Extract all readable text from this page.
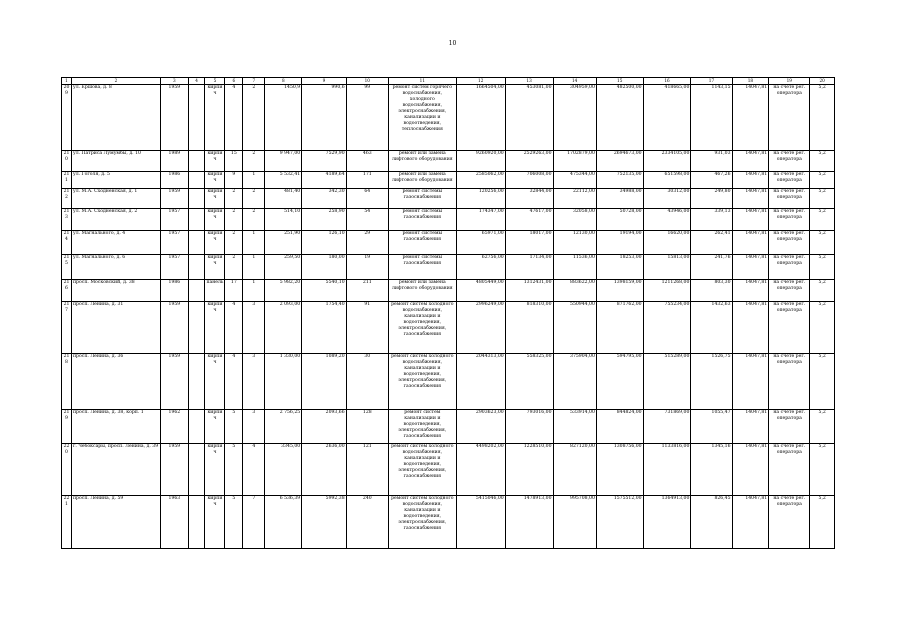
10
1	2	3	4	5	6	7	8	9	10	11	12	13	14	15	16	17	18	19	20
209	ул. Ершова, д. 8	1959		кирпич	4	2	1450,9	990,6	99	ремонт систем горячего водоснабжения, холодного водоснабжения, электроснабжения, канализации и водоотведения, теплоснабжения	1664504,00	453081,00	304959,00	482500,00	418665,00	1143,15	14047,81	на счете рег. оператора	5,2
210	ул. Патриса Лумумбы, д. 10	1989		кирпич	15	2	9 947,00	7529,90	463	ремонт или замена лифтового оборудования	9260920,00	2529263,00	1702879,00	2694673,00	2334105,00	931,03	14047,81	на счете рег. оператора	5,2
211	ул. Гоголя, д. 5	1986		кирпич	9	1	5 532,41	4189,64	171	ремонт или замена лифтового оборудования	2585062,00	706008,00	475344,00	752135,00	651598,00	467,26	14047,81	на счете рег. оператора	5,2
212	ул. М.А. Сходненская, д. 1	1959		кирпич	2	2	481,40	342,30	64	ремонт системы газоснабжения	120256,00	32844,00	22112,00	34988,00	30312,00	249,80	14047,81	на счете рег. оператора	5,2
213	ул. М.А. Сходненская, д. 2	1957		кирпич	2	2	514,10	258,90	54	ремонт системы газоснабжения	174347,00	47617,00	32058,00	50728,00	43946,00	339,13	14047,81	на счете рег. оператора	5,2
214	ул. Магнального, д. 4	1957		кирпич	2	1	251,90	126,10	29	ремонт системы газоснабжения	65971,00	18017,00	12130,00	19194,00	16620,00	262,41	14047,81	на счете рег. оператора	5,2
215	ул. Магнального, д. 6	1957		кирпич	2	1	259,50	180,00	19	ремонт системы газоснабжения	62756,00	17134,00	11536,00	18253,00	15813,00	241,76	14047,81	на счете рег. оператора	5,2
216	просп. Московский, д. 38	1986		панель	17	1	5 982,20	5540,10	211	ремонт или замена лифтового оборудования	4805449,00	1312431,00	883622,00	1398159,00	1211268,00	803,30	14047,81	на счете рег. оператора	5,2
217	просп. Ленина, д. 31	1959		кирпич	4	3	2 093,00	1754,40	91	ремонт систем холодного водоснабжения, канализации и водоотведения, электроснабжения, газоснабжения	2996249,00	818310,00	550944,00	871762,00	755234,00	1432,63	14047,81	на счете рег. оператора	5,2
218	просп. Ленина, д. 36	1959		кирпич	4	3	1 330,00	1089,20	30	ремонт систем холодного водоснабжения, канализации и водоотведения, электроснабжения, газоснабжения	2044313,00	558325,00	375904,00	594795,00	515289,00	1526,75	14047,81	на счете рег. оператора	5,2
219	просп. Ленина, д. 38, корп. 1	1962		кирпич	5	3	2 756,25	2093,66	128	ремонт систем канализации и водоотведения, электроснабжения, газоснабжения	2903623,00	793016,00	533914,00	844824,00	731869,00	1055,47	14047,81	на счете рег. оператора	5,2
220	г. Чебоксары, просп. Ленина, д. 39	1959		кирпич	5	4	3345,00	2636,00	121	ремонт систем холодного водоснабжения, канализации и водоотведения, электроснабжения, газоснабжения	4498202,00	1228510,00	827120,00	1308756,00	1133816,00	1345,16	14047,81	на счете рег. оператора	5,2
221	просп. Ленина, д. 59	1963		кирпич	5	7	6 536,39	5992,38	240	ремонт систем холодного водоснабжения, канализации и водоотведения, электроснабжения, газоснабжения	5415046,00	1478913,00	995708,00	1575512,00	1364913,00	826,45	14047,81	на счете рег. оператора	5,2
